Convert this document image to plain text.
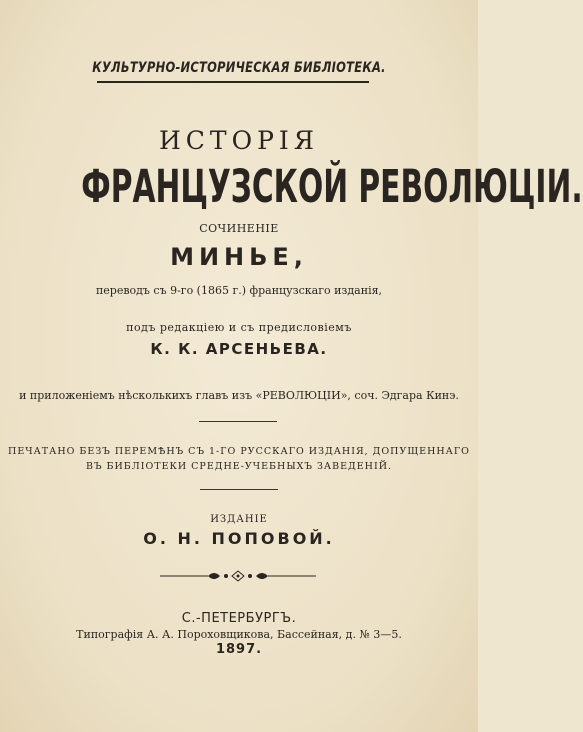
КУЛЬТУРНО-ИСТОРИЧЕСКАЯ БИБЛІОТЕКА.
ИСТОРІЯ
ФРАНЦУЗСКОЙ РЕВОЛЮЦІИ.
СОЧИНЕНІЕ
МИНЬЕ,
переводъ съ 9-го (1865 г.) французскаго изданія,
подъ редакціею и съ предисловіемъ
К. К. АРСЕНЬЕВА.
и приложеніемъ нѣсколькихъ главъ изъ «РЕВОЛЮЦІИ», соч. Эдгара Кинэ.
ПЕЧАТАНО БЕЗЪ ПЕРЕМѢНЪ СЪ 1-ГО РУССКАГО ИЗДАНІЯ, ДОПУЩЕННАГО
ВЪ БИБЛІОТЕКИ СРЕДНЕ-УЧЕБНЫХЪ ЗАВЕДЕНІЙ.
ИЗДАНІЕ
О. Н. ПОПОВОЙ.
С.-ПЕТЕРБУРГЪ.
Типографія А. А. Пороховщикова, Бассейная, д. № 3—5.
1897.
